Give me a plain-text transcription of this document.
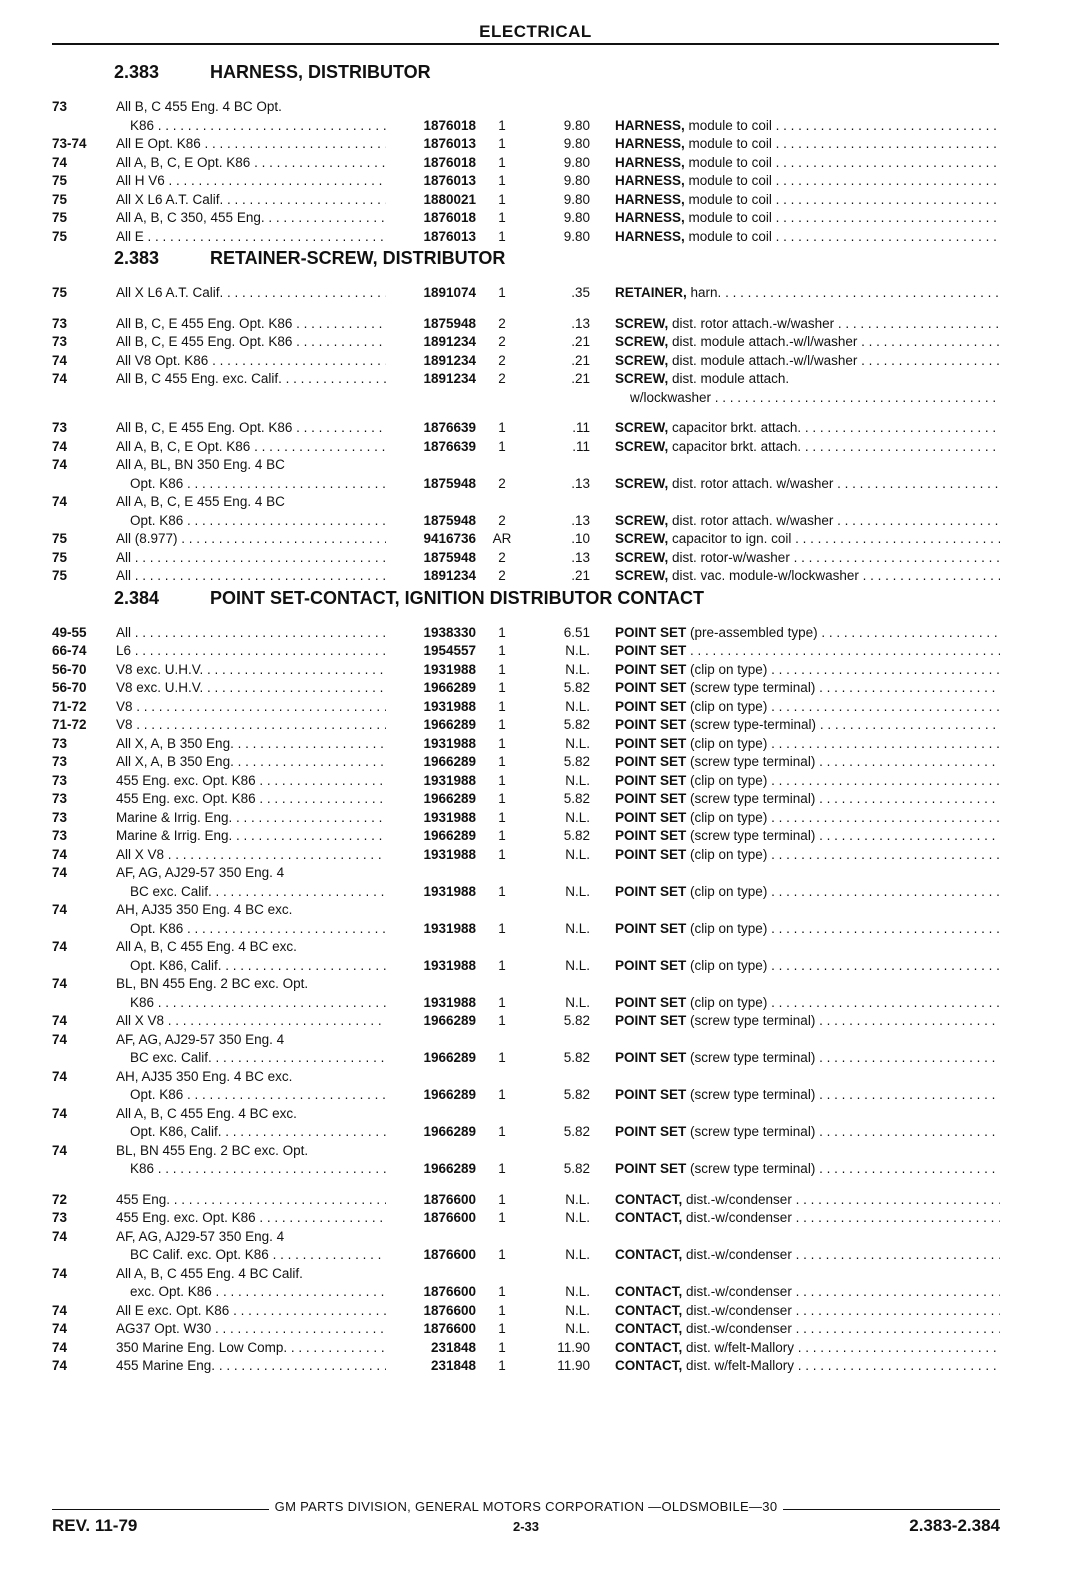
ELECTRICAL
2.383	HARNESS, DISTRIBUTOR
73	All B, C 455 Eng. 4 BC Opt.
K86 . . .	1876018	1	9.80	HARNESS, module to coil . . .
73-74	All E Opt. K86 . . .	1876013	1	9.80	HARNESS, module to coil . . .
74	All A, B, C, E Opt. K86 . . .	1876018	1	9.80	HARNESS, module to coil . . .
75	All H V6 . . .	1876013	1	9.80	HARNESS, module to coil . . .
75	All X L6 A.T. Calif. . . .	1880021	1	9.80	HARNESS, module to coil . . .
75	All A, B, C 350, 455 Eng. . . .	1876018	1	9.80	HARNESS, module to coil . . .
75	All E . . .	1876013	1	9.80	HARNESS, module to coil . . .
2.383	RETAINER-SCREW, DISTRIBUTOR
75	All X L6 A.T. Calif. . . .	1891074	1	.35	RETAINER, harn. . . .
73	All B, C, E 455 Eng. Opt. K86 . . .	1875948	2	.13	SCREW, dist. rotor attach.-w/washer . . .
73	All B, C, E 455 Eng. Opt. K86 . . .	1891234	2	.21	SCREW, dist. module attach.-w/l/washer . . .
74	All V8 Opt. K86 . . .	1891234	2	.21	SCREW, dist. module attach.-w/l/washer . . .
74	All B, C 455 Eng. exc. Calif. . . .	1891234	2	.21	SCREW, dist. module attach.
w/lockwasher . . .
73	All B, C, E 455 Eng. Opt. K86 . . .	1876639	1	.11	SCREW, capacitor brkt. attach. . . .
74	All A, B, C, E Opt. K86 . . .	1876639	1	.11	SCREW, capacitor brkt. attach. . . .
74	All A, BL, BN 350 Eng. 4 BC
Opt. K86 . . .	1875948	2	.13	SCREW, dist. rotor attach. w/washer . . .
74	All A, B, C, E 455 Eng. 4 BC
Opt. K86 . . .	1875948	2	.13	SCREW, dist. rotor attach. w/washer . . .
75	All (8.977) . . .	9416736	AR	.10	SCREW, capacitor to ign. coil . . .
75	All . . .	1875948	2	.13	SCREW, dist. rotor-w/washer . . .
75	All . . .	1891234	2	.21	SCREW, dist. vac. module-w/lockwasher . . .
2.384	POINT SET-CONTACT, IGNITION DISTRIBUTOR CONTACT
49-55	All . . .	1938330	1	6.51	POINT SET (pre-assembled type) . . .
66-74	L6 . . .	1954557	1	N.L.	POINT SET . . .
56-70	V8 exc. U.H.V. . . .	1931988	1	N.L.	POINT SET (clip on type) . . .
56-70	V8 exc. U.H.V. . . .	1966289	1	5.82	POINT SET (screw type terminal) . . .
71-72	V8 . . .	1931988	1	N.L.	POINT SET (clip on type) . . .
71-72	V8 . . .	1966289	1	5.82	POINT SET (screw type-terminal) . . .
73	All X, A, B 350 Eng. . . .	1931988	1	N.L.	POINT SET (clip on type) . . .
73	All X, A, B 350 Eng. . . .	1966289	1	5.82	POINT SET (screw type terminal) . . .
73	455 Eng. exc. Opt. K86 . . .	1931988	1	N.L.	POINT SET (clip on type) . . .
73	455 Eng. exc. Opt. K86 . . .	1966289	1	5.82	POINT SET (screw type terminal) . . .
73	Marine & Irrig. Eng. . . .	1931988	1	N.L.	POINT SET (clip on type) . . .
73	Marine & Irrig. Eng. . . .	1966289	1	5.82	POINT SET (screw type terminal) . . .
74	All X V8 . . .	1931988	1	N.L.	POINT SET (clip on type) . . .
74	AF, AG, AJ29-57 350 Eng. 4
BC exc. Calif. . . .	1931988	1	N.L.	POINT SET (clip on type) . . .
74	AH, AJ35 350 Eng. 4 BC exc.
Opt. K86 . . .	1931988	1	N.L.	POINT SET (clip on type) . . .
74	All A, B, C 455 Eng. 4 BC exc.
Opt. K86, Calif. . . .	1931988	1	N.L.	POINT SET (clip on type) . . .
74	BL, BN 455 Eng. 2 BC exc. Opt.
K86 . . .	1931988	1	N.L.	POINT SET (clip on type) . . .
74	All X V8 . . .	1966289	1	5.82	POINT SET (screw type terminal) . . .
74	AF, AG, AJ29-57 350 Eng. 4
BC exc. Calif. . . .	1966289	1	5.82	POINT SET (screw type terminal) . . .
74	AH, AJ35 350 Eng. 4 BC exc.
Opt. K86 . . .	1966289	1	5.82	POINT SET (screw type terminal) . . .
74	All A, B, C 455 Eng. 4 BC exc.
Opt. K86, Calif. . . .	1966289	1	5.82	POINT SET (screw type terminal) . . .
74	BL, BN 455 Eng. 2 BC exc. Opt.
K86 . . .	1966289	1	5.82	POINT SET (screw type terminal) . . .
72	455 Eng. . . .	1876600	1	N.L.	CONTACT, dist.-w/condenser . . .
73	455 Eng. exc. Opt. K86 . . .	1876600	1	N.L.	CONTACT, dist.-w/condenser . . .
74	AF, AG, AJ29-57 350 Eng. 4
BC Calif. exc. Opt. K86 . . .	1876600	1	N.L.	CONTACT, dist.-w/condenser . . .
74	All A, B, C 455 Eng. 4 BC Calif.
exc. Opt. K86 . . .	1876600	1	N.L.	CONTACT, dist.-w/condenser . . .
74	All E exc. Opt. K86 . . .	1876600	1	N.L.	CONTACT, dist.-w/condenser . . .
74	AG37 Opt. W30 . . .	1876600	1	N.L.	CONTACT, dist.-w/condenser . . .
74	350 Marine Eng. Low Comp. . . .	231848	1	11.90	CONTACT, dist. w/felt-Mallory . . .
74	455 Marine Eng. . . .	231848	1	11.90	CONTACT, dist. w/felt-Mallory . . .
GM PARTS DIVISION, GENERAL MOTORS CORPORATION —OLDSMOBILE—30
REV. 11-79	2-33	2.383-2.384
